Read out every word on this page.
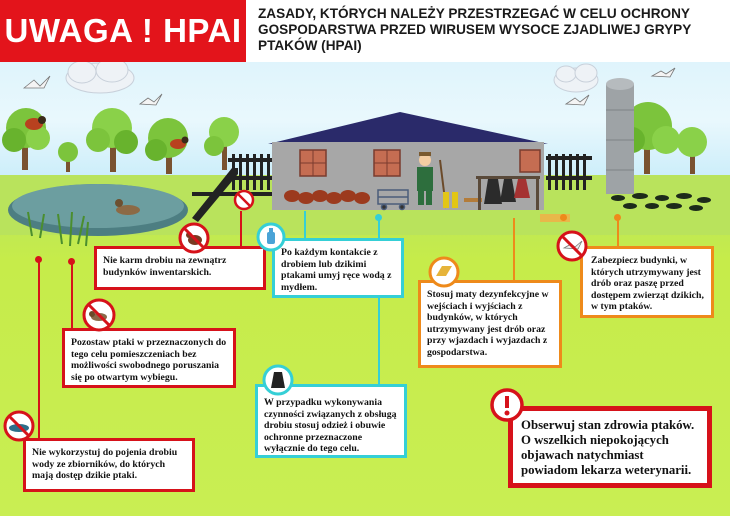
UWAGA ! HPAI	ZASADY, KTÓRYCH NALEŻY PRZESTRZEGAĆ W CELU OCHRONY GOSPODARSTWA PRZED WIRUSEM WYSOCE ZJADLIWEJ GRYPY PTAKÓW (HPAI)
Nie karm drobiu na zewnątrz budynków inwentarskich.
Po każdym kontakcie z drobiem lub dzikimi ptakami umyj ręce wodą z mydłem.
Pozostaw ptaki w przeznaczonych do tego celu pomieszczeniach bez możliwości swobodnego poruszania się po otwartym wybiegu.
Nie wykorzystuj do pojenia drobiu wody ze zbiorników, do których mają dostęp dzikie ptaki.
Stosuj maty dezynfekcyjne w wejściach i wyjściach z budynków, w których utrzymywany jest drób oraz przy wjazdach i wyjazdach z gospodarstwa.
Zabezpiecz budynki, w których utrzymywany jest drób oraz paszę przed dostępem zwierząt dzikich, w tym ptaków.
W przypadku wykonywania czynności związanych z obsługą drobiu stosuj odzież i obuwie ochronne przeznaczone wyłącznie do tego celu.
Obserwuj stan zdrowia ptaków. O wszelkich niepokojących objawach natychmiast powiadom lekarza weterynarii.
